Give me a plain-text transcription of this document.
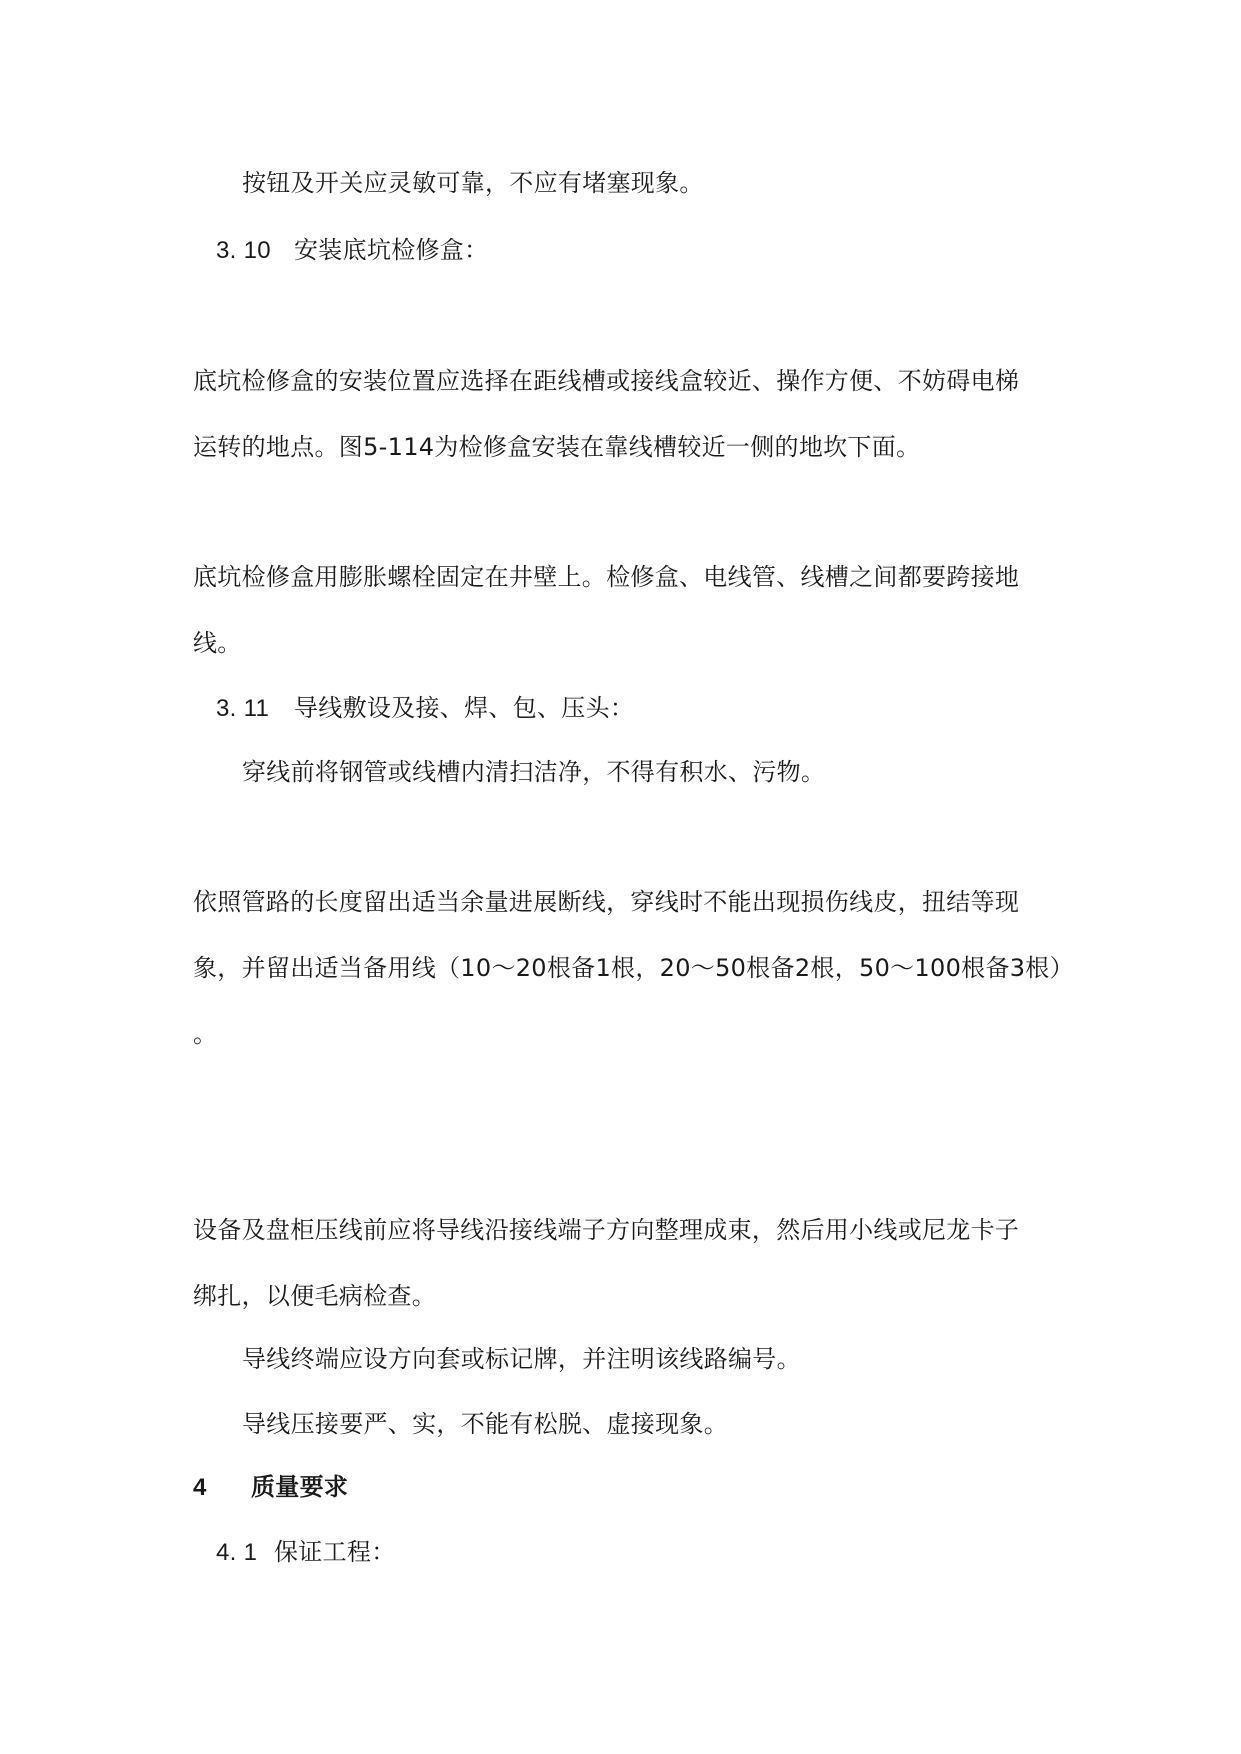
按钮及开关应灵敏可靠，不应有堵塞现象。
3. 10 安装底坑检修盒：
底坑检修盒的安装位置应选择在距线槽或接线盒较近、操作方便、不妨碍电梯
运转的地点。图5-114为检修盒安装在靠线槽较近一侧的地坎下面。
底坑检修盒用膨胀螺栓固定在井壁上。检修盒、电线管、线槽之间都要跨接地
线。
3. 11 导线敷设及接、焊、包、压头：
穿线前将钢管或线槽内清扫洁净，不得有积水、污物。
依照管路的长度留出适当余量进展断线，穿线时不能出现损伤线皮，扭结等现
象，并留出适当备用线（10～20根备1根，20～50根备2根，50～100根备3根）
。
设备及盘柜压线前应将导线沿接线端子方向整理成束，然后用小线或尼龙卡子
绑扎，以便毛病检查。
导线终端应设方向套或标记牌，并注明该线路编号。
导线压接要严、实，不能有松脱、虚接现象。
4 质量要求
4. 1 保证工程：
